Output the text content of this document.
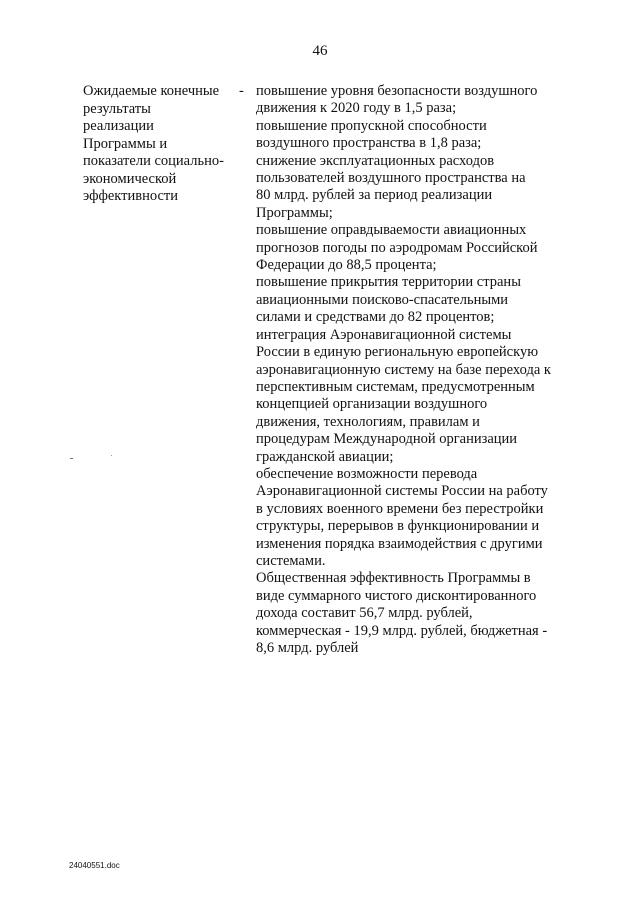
46
Ожидаемые конечные
результаты
реализации
Программы и
показатели социально-
экономической
эффективности
- повышение уровня безопасности воздушного
движения к 2020 году в 1,5 раза;
повышение пропускной способности
воздушного пространства в 1,8 раза;
снижение эксплуатационных расходов
пользователей воздушного пространства на
80 млрд. рублей за период реализации
Программы;
повышение оправдываемости авиационных
прогнозов погоды по аэродромам Российской
Федерации до 88,5 процента;
повышение прикрытия территории страны
авиационными поисково-спасательными
силами и средствами до 82 процентов;
интеграция Аэронавигационной системы
России в единую региональную европейскую
аэронавигационную систему на базе перехода к
перспективным системам, предусмотренным
концепцией организации воздушного
движения, технологиям, правилам и
процедурам Международной организации
гражданской авиации;
обеспечение возможности перевода
Аэронавигационной системы России на работу
в условиях военного времени без перестройки
структуры, перерывов в функционировании и
изменения порядка взаимодействия с другими
системами.
Общественная эффективность Программы в
виде суммарного чистого дисконтированного
дохода составит 56,7 млрд. рублей,
коммерческая - 19,9 млрд. рублей, бюджетная -
8,6 млрд. рублей
24040551.doc
